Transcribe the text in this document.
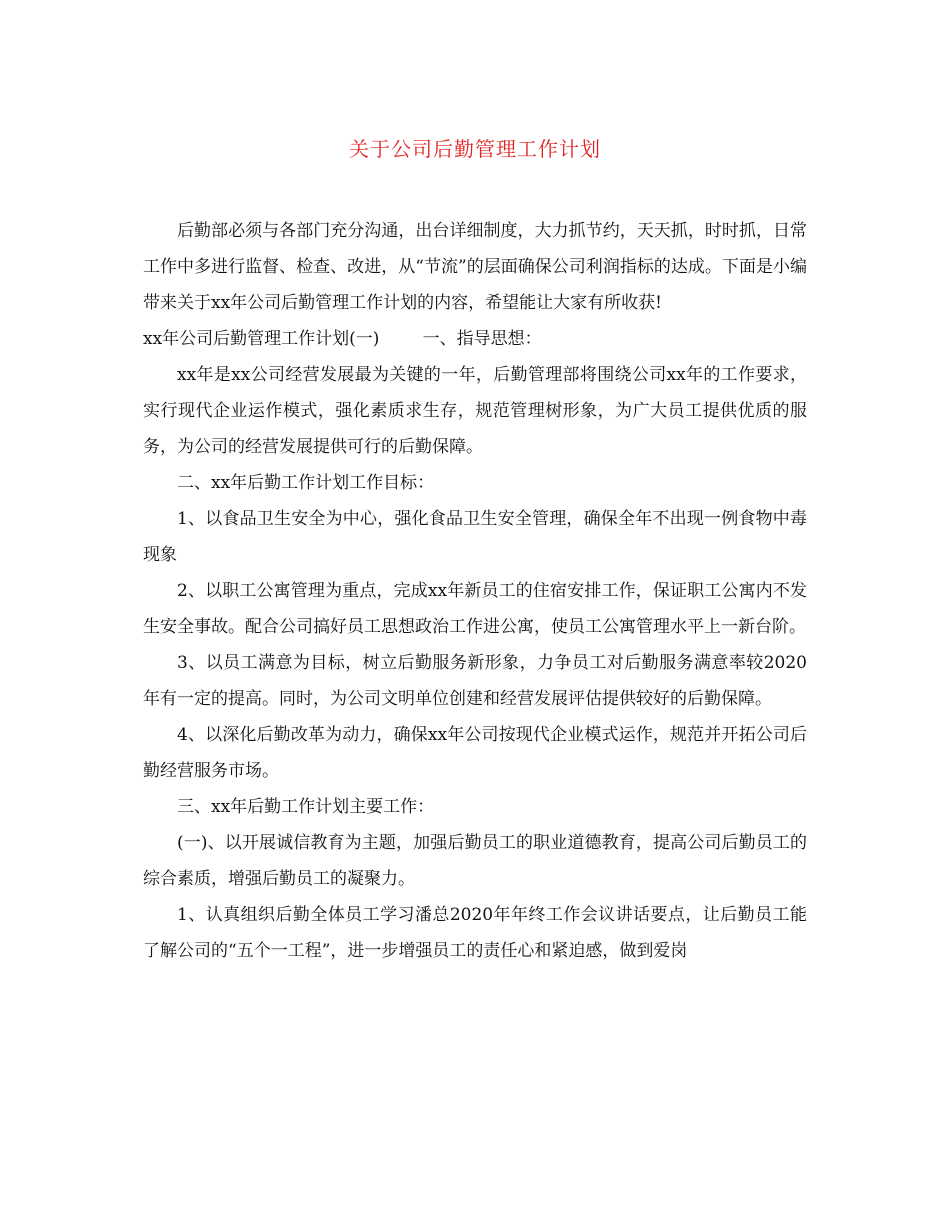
关于公司后勤管理工作计划

后勤部必须与各部门充分沟通，出台详细制度，大力抓节约，天天抓，时时抓，日常工作中多进行监督、检查、改进，从“节流”的层面确保公司利润指标的达成。下面是小编带来关于xx年公司后勤管理工作计划的内容，希望能让大家有所收获!

xx年公司后勤管理工作计划(一)        一、指导思想：

xx年是xx公司经营发展最为关键的一年，后勤管理部将围绕公司xx年的工作要求，实行现代企业运作模式，强化素质求生存，规范管理树形象，为广大员工提供优质的服务，为公司的经营发展提供可行的后勤保障。

二、xx年后勤工作计划工作目标：

1、以食品卫生安全为中心，强化食品卫生安全管理，确保全年不出现一例食物中毒现象

2、以职工公寓管理为重点，完成xx年新员工的住宿安排工作，保证职工公寓内不发生安全事故。配合公司搞好员工思想政治工作进公寓，使员工公寓管理水平上一新台阶。

3、以员工满意为目标，树立后勤服务新形象，力争员工对后勤服务满意率较2020年有一定的提高。同时，为公司文明单位创建和经营发展评估提供较好的后勤保障。

4、以深化后勤改革为动力，确保xx年公司按现代企业模式运作，规范并开拓公司后勤经营服务市场。

三、xx年后勤工作计划主要工作：

(一)、以开展诚信教育为主题，加强后勤员工的职业道德教育，提高公司后勤员工的综合素质，增强后勤员工的凝聚力。

1、认真组织后勤全体员工学习潘总2020年年终工作会议讲话要点，让后勤员工能了解公司的“五个一工程”，进一步增强员工的责任心和紧迫感，做到爱岗
